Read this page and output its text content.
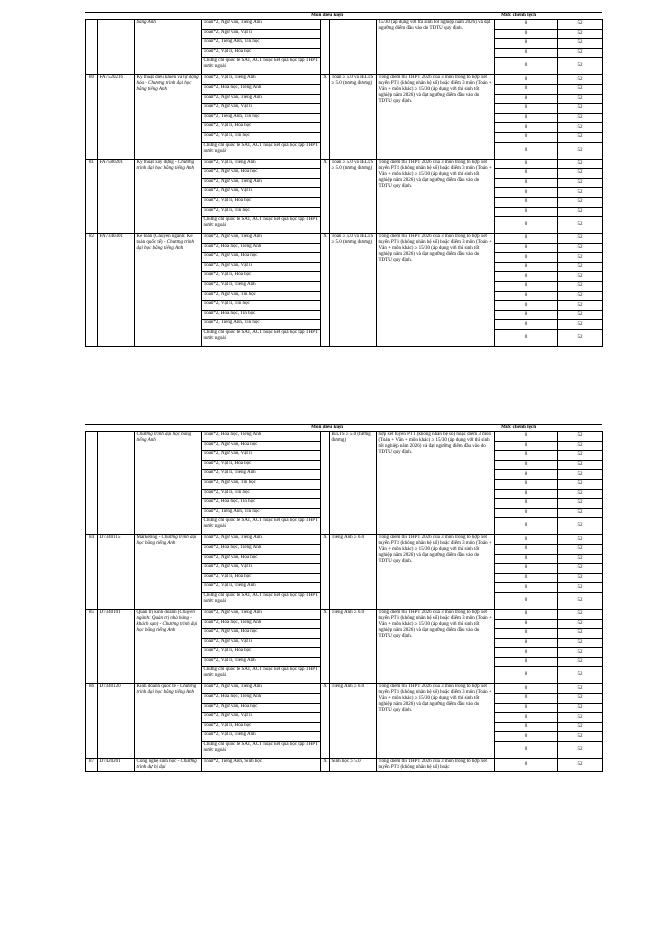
Môn điều kiện	Mức chênh lệch
		bằng Anh	Toán*2, Ngữ văn, Tiếng Anh			15/30 (áp dụng với thí sinh tốt nghiệp năm 2026) và đạt ngưỡng điểm đầu vào do TDTU quy định.	0	52
			Toán*2, Ngữ văn, Vật lí				0	52
			Toán*2, Tiếng Anh, Tin học				0	52
			Toán*2, Vật lí, Hóa học				0	52
			Chứng chỉ quốc tế SAT, ACT hoặc kết quả học tập THPT nước ngoài				0	52
80	FA7520216	Kỹ thuật điều khiển và tự động hóa - Chương trình đại học bằng tiếng Anh	Toán*2, Vật lí, Tiếng Anh	X	Toán ≥ 5.0 và IELTS ≥ 5.0 (tương đương)	Tổng điểm thi THPT 2026 của 3 môn trong tổ hợp xét tuyển PT1 (không nhân hệ số) hoặc điểm 3 môn (Toán + Văn + môn khác) ≥ 15/30 (áp dụng với thí sinh tốt nghiệp năm 2026) và đạt ngưỡng điểm đầu vào do TDTU quy định.	0	52
			Toán*2, Hóa học, Tiếng Anh				0	52
			Toán*2, Ngữ văn, Tiếng Anh				0	52
			Toán*2, Ngữ văn, Vật lí				0	52
			Toán*2, Tiếng Anh, Tin học				0	52
			Toán*2, Vật lí, Hóa học				0	52
			Toán*2, Vật lí, Tin học				0	52
			Chứng chỉ quốc tế SAT, ACT hoặc kết quả học tập THPT nước ngoài				0	52
81	FA7580201	Kỹ thuật xây dựng - Chương trình đại học bằng tiếng Anh	Toán*2, Vật lí, Tiếng Anh	X	Toán ≥ 5.0 và IELTS ≥ 5.0 (tương đương)	Tổng điểm thi THPT 2026 của 3 môn trong tổ hợp xét tuyển PT1 (không nhân hệ số) hoặc điểm 3 môn (Toán + Văn + môn khác) ≥ 15/30 (áp dụng với thí sinh tốt nghiệp năm 2026) và đạt ngưỡng điểm đầu vào do TDTU quy định.	0	52
			Toán*2, Ngữ văn, Hóa học				0	52
			Toán*2, Ngữ văn, Tiếng Anh				0	52
			Toán*2, Ngữ văn, Vật lí				0	52
			Toán*2, Vật lí, Hóa học				0	52
			Toán*2, Vật lí, Tin học				0	52
			Chứng chỉ quốc tế SAT, ACT hoặc kết quả học tập THPT nước ngoài				0	52
82	FA7340301	Kế toán (Chuyên ngành: Kế toán quốc tế) - Chương trình đại học bằng tiếng Anh	Toán*2, Ngữ văn, Tiếng Anh	X	Toán ≥ 5.0 và IELTS ≥ 5.0 (tương đương)	Tổng điểm thi THPT 2026 của 3 môn trong tổ hợp xét tuyển PT1 (không nhân hệ số) hoặc điểm 3 môn (Toán + Văn + môn khác) ≥ 15/30 (áp dụng với thí sinh tốt nghiệp năm 2026) và đạt ngưỡng điểm đầu vào do TDTU quy định.	0	52
			Toán*2, Hóa học, Tiếng Anh				0	52
			Toán*2, Ngữ văn, Hóa học				0	52
			Toán*2, Ngữ văn, Vật lí				0	52
			Toán*2, Vật lí, Hóa học				0	52
			Toán*2, Vật lí, Tiếng Anh				0	52
			Toán*2, Ngữ văn, Tin học				0	52
			Toán*2, Vật lí, Tin học				0	52
			Toán*2, Hóa học, Tin học				0	52
			Toán*2, Tiếng Anh, Tin học				0	52
			Chứng chỉ quốc tế SAT, ACT hoặc kết quả học tập THPT nước ngoài				0	52
Môn điều kiện	Mức chênh lệch
		Chương trình đại học bằng tiếng Anh	Toán*2, Hóa học, Tiếng Anh		IELTS ≥ 5.0 (tương đương)	hợp xét tuyển PT1 (không nhân hệ số) hoặc điểm 3 môn (Toán + Văn + môn khác) ≥ 15/30 (áp dụng với thí sinh tốt nghiệp năm 2026) và đạt ngưỡng điểm đầu vào do TDTU quy định.	0	52
			Toán*2, Ngữ văn, Hóa học				0	52
			Toán*2, Ngữ văn, Vật lí				0	52
			Toán*2, Vật lí, Hóa học				0	52
			Toán*2, Vật lí, Tiếng Anh				0	52
			Toán*2, Ngữ văn, Tin học				0	52
			Toán*2, Vật lí, Tin học				0	52
			Toán*2, Hóa học, Tin học				0	52
			Toán*2, Tiếng Anh, Tin học				0	52
			Chứng chỉ quốc tế SAT, ACT hoặc kết quả học tập THPT nước ngoài				0	52
84	D7340115	Marketing - Chương trình đại học bằng tiếng Anh	Toán*2, Ngữ văn, Tiếng Anh	X	Tiếng Anh ≥ 6.0	Tổng điểm thi THPT 2026 của 3 môn trong tổ hợp xét tuyển PT1 (không nhân hệ số) hoặc điểm 3 môn (Toán + Văn + môn khác) ≥ 15/30 (áp dụng với thí sinh tốt nghiệp năm 2026) và đạt ngưỡng điểm đầu vào do TDTU quy định.	0	52
			Toán*2, Hóa học, Tiếng Anh				0	52
			Toán*2, Ngữ văn, Hóa học				0	52
			Toán*2, Ngữ văn, Vật lí				0	52
			Toán*2, Vật lí, Hóa học				0	52
			Toán*2, Vật lí, Tiếng Anh				0	52
			Chứng chỉ quốc tế SAT, ACT hoặc kết quả học tập THPT nước ngoài				0	52
85	D7340101	Quản trị kinh doanh (Chuyên ngành: Quản trị nhà hàng - khách sạn) - Chương trình đại học bằng tiếng Anh	Toán*2, Ngữ văn, Tiếng Anh	X	Tiếng Anh ≥ 6.0	Tổng điểm thi THPT 2026 của 3 môn trong tổ hợp xét tuyển PT1 (không nhân hệ số) hoặc điểm 3 môn (Toán + Văn + môn khác) ≥ 15/30 (áp dụng với thí sinh tốt nghiệp năm 2026) và đạt ngưỡng điểm đầu vào do TDTU quy định.	0	52
			Toán*2, Hóa học, Tiếng Anh				0	52
			Toán*2, Ngữ văn, Hóa học				0	52
			Toán*2, Ngữ văn, Vật lí				0	52
			Toán*2, Vật lí, Hóa học				0	52
			Toán*2, Vật lí, Tiếng Anh				0	52
			Chứng chỉ quốc tế SAT, ACT hoặc kết quả học tập THPT nước ngoài				0	52
86	D7340120	Kinh doanh quốc tế - Chương trình đại học bằng tiếng Anh	Toán*2, Ngữ văn, Tiếng Anh	X	Tiếng Anh ≥ 6.0	Tổng điểm thi THPT 2026 của 3 môn trong tổ hợp xét tuyển PT1 (không nhân hệ số) hoặc điểm 3 môn (Toán + Văn + môn khác) ≥ 15/30 (áp dụng với thí sinh tốt nghiệp năm 2026) và đạt ngưỡng điểm đầu vào do TDTU quy định.	0	52
			Toán*2, Hóa học, Tiếng Anh				0	52
			Toán*2, Ngữ văn, Hóa học				0	52
			Toán*2, Ngữ văn, Vật lí				0	52
			Toán*2, Vật lí, Hóa học				0	52
			Toán*2, Vật lí, Tiếng Anh				0	52
			Chứng chỉ quốc tế SAT, ACT hoặc kết quả học tập THPT nước ngoài				0	52
87	D7420201	Công nghệ sinh học - Chương trình dự bị đại	Toán*2, Tiếng Anh, Sinh học	X	Sinh học ≥ 5.0	Tổng điểm thi THPT 2026 của 3 môn trong tổ hợp xét tuyển PT1 (không nhân hệ số) hoặc	0	52
